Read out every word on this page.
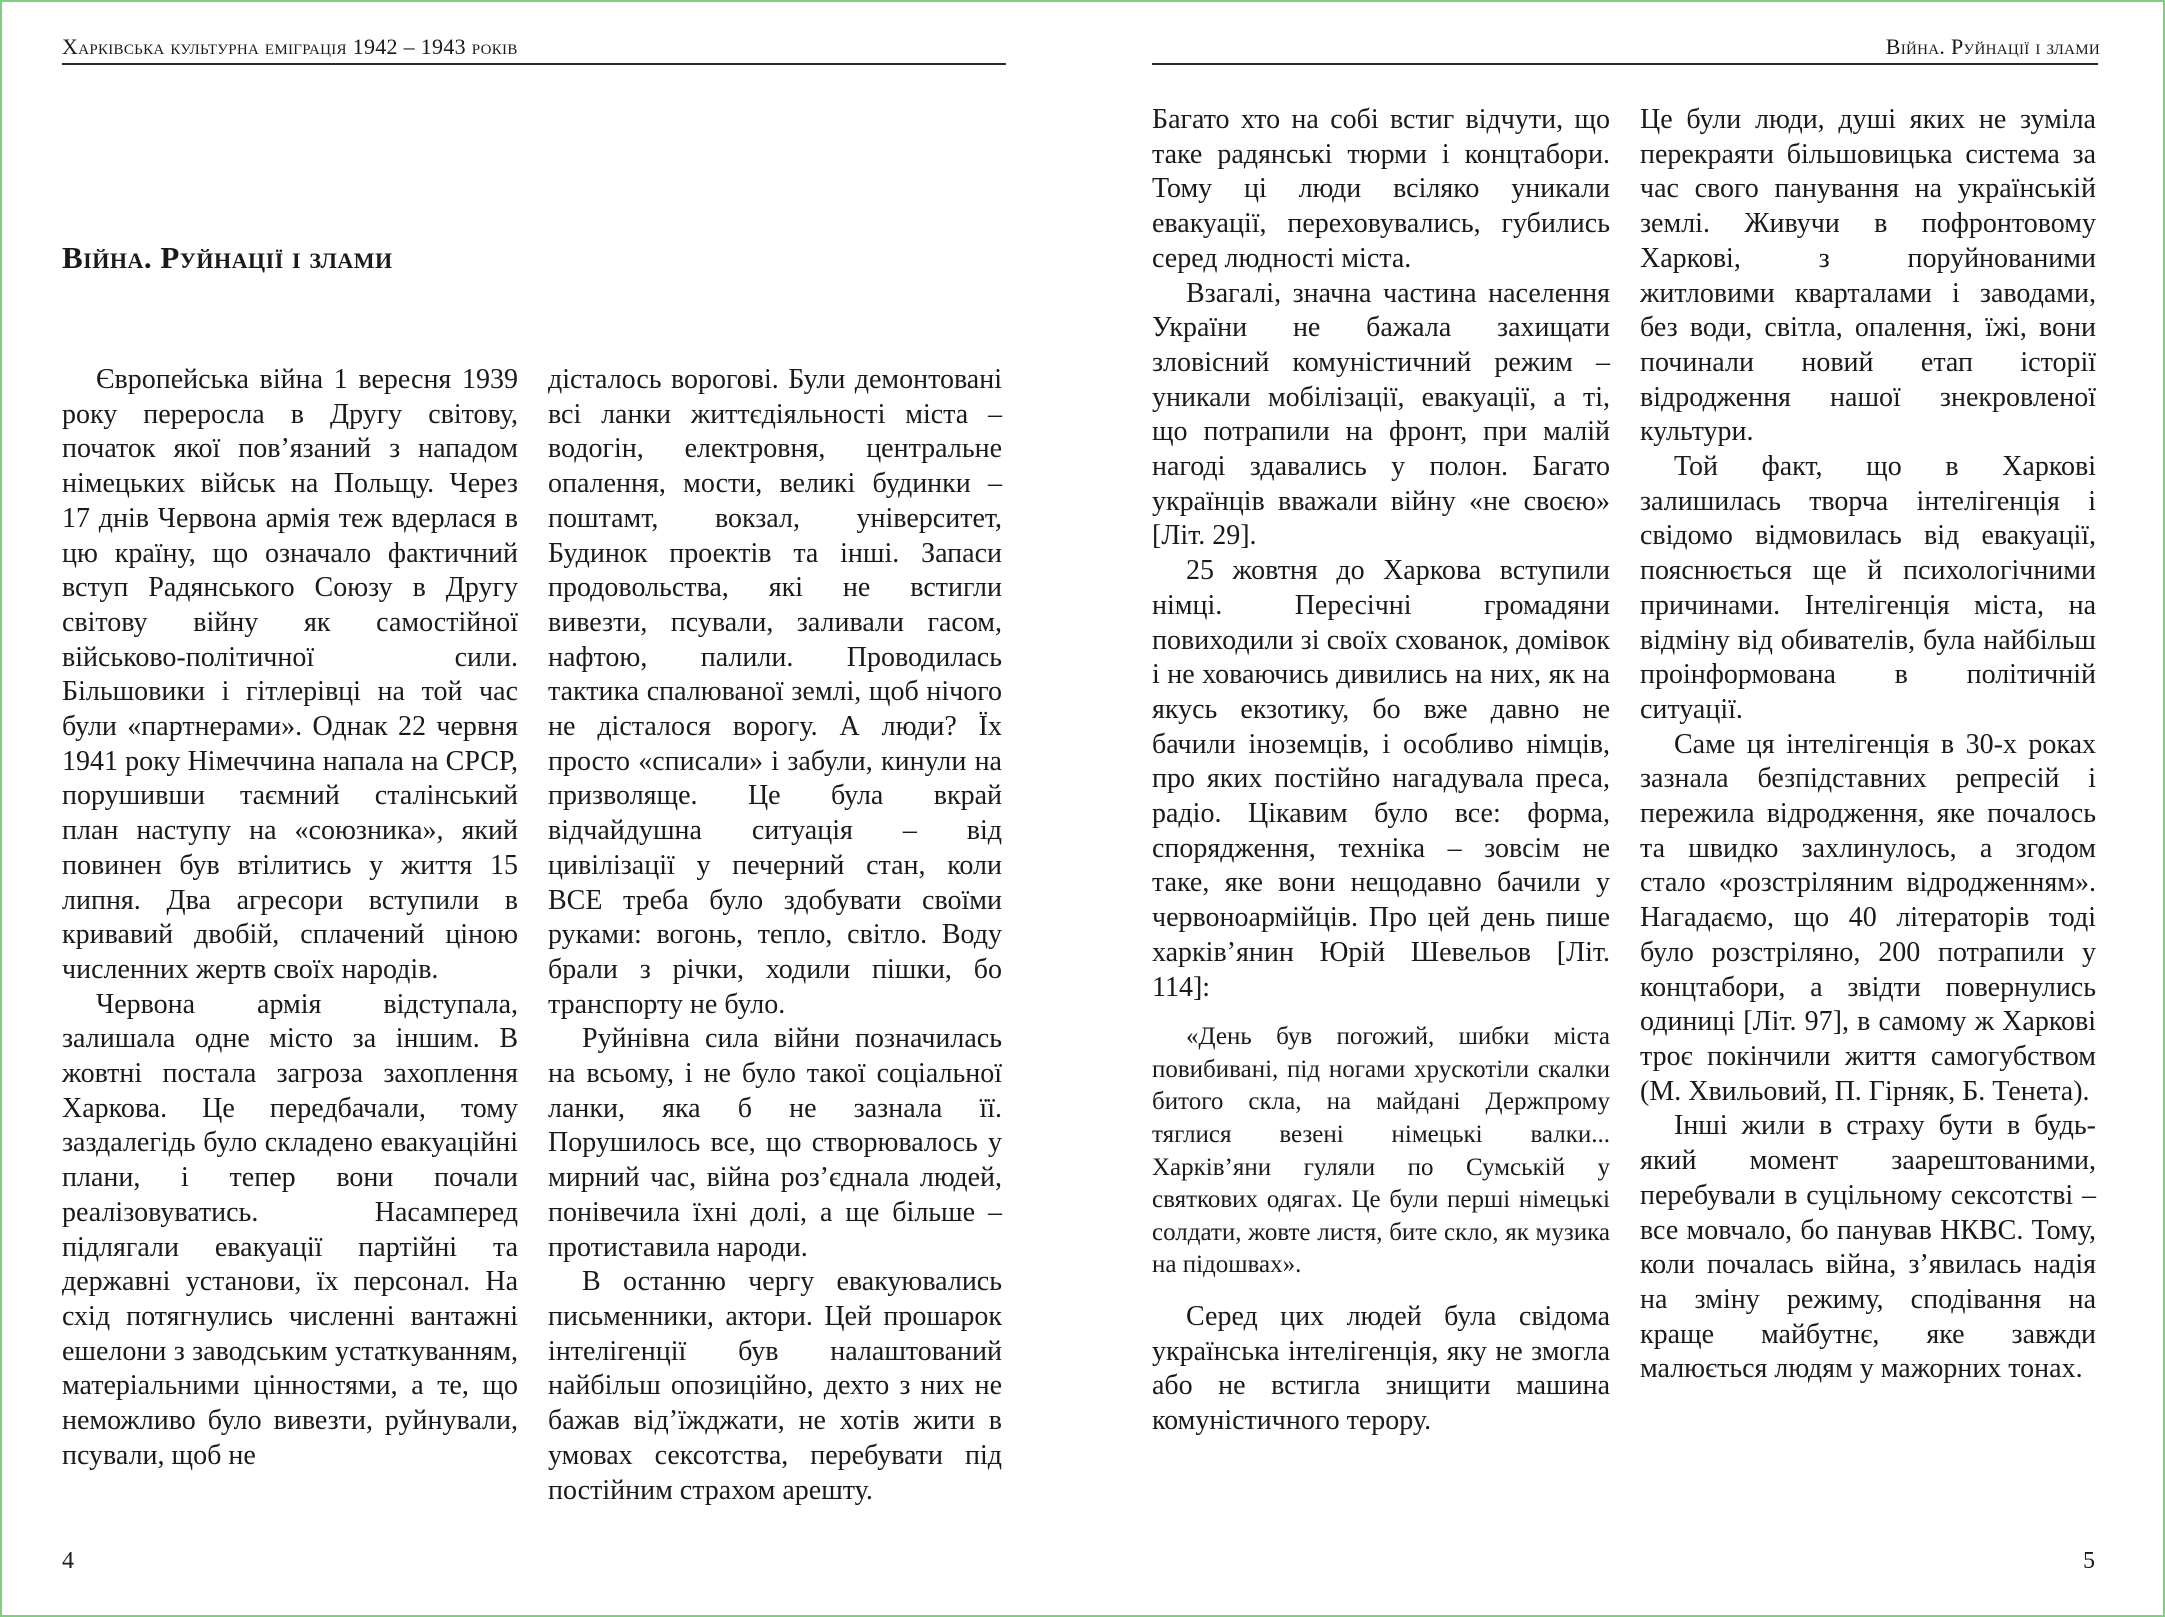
Харківська культурна еміграція 1942 – 1943 років	Війна. Руйнації і злами
Війна. Руйнації і злами

Європейська війна 1 вересня 1939 року переросла в Другу світову, початок якої пов’язаний з нападом німецьких військ на Польщу. Через 17 днів Червона армія теж вдерлася в цю країну, що означало фактичний вступ Радянського Союзу в Другу світову війну як самостійної військово-політичної сили. Більшовики і гітлерівці на той час були «партнерами». Однак 22 червня 1941 року Німеччина напала на СРСР, порушивши таємний сталінський план наступу на «союзника», який повинен був втілитись у життя 15 липня. Два агресори вступили в кривавий двобій, сплачений ціною численних жертв своїх народів.

Червона армія відступала, залишала одне місто за іншим. В жовтні постала загроза захоплення Харкова. Це передбачали, тому заздалегідь було складено евакуаційні плани, і тепер вони почали реалізовуватись. Насамперед підлягали евакуації партійні та державні установи, їх персонал. На схід потягнулись численні вантажні ешелони з заводським устаткуванням, матеріальними цінностями, а те, що неможливо було вивезти, руйнували, псували, щоб не

дісталось ворогові. Були демонтовані всі ланки життєдіяльності міста – водогін, електровня, центральне опалення, мости, великі будинки – поштамт, вокзал, університет, Будинок проектів та інші. Запаси продовольства, які не встигли вивезти, псували, заливали гасом, нафтою, палили. Проводилась тактика спалюваної землі, щоб нічого не дісталося ворогу. А люди? Їх просто «списали» і забули, кинули на призволяще. Це була вкрай відчайдушна ситуація – від цивілізації у печерний стан, коли ВСЕ треба було здобувати своїми руками: вогонь, тепло, світло. Воду брали з річки, ходили пішки, бо транспорту не було.

Руйнівна сила війни позначилась на всьому, і не було такої соціальної ланки, яка б не зазнала її. Порушилось все, що створювалось у мирний час, війна роз’єднала людей, понівечила їхні долі, а ще більше – протиставила народи.

В останню чергу евакуювались письменники, актори. Цей прошарок інтелігенції був налаштований найбільш опозиційно, дехто з них не бажав від’їжджати, не хотів жити в умовах сексотства, перебувати під постійним страхом арешту.

Багато хто на собі встиг відчути, що таке радянські тюрми і концтабори. Тому ці люди всіляко уникали евакуації, переховувались, губились серед людності міста.

Взагалі, значна частина населення України не бажала захищати зловісний комуністичний режим – уникали мобілізації, евакуації, а ті, що потрапили на фронт, при малій нагоді здавались у полон. Багато українців вважали війну «не своєю» [Літ. 29].

25 жовтня до Харкова вступили німці. Пересічні громадяни повиходили зі своїх схованок, домівок і не ховаючись дивились на них, як на якусь екзотику, бо вже давно не бачили іноземців, і особливо німців, про яких постійно нагадувала преса, радіо. Цікавим було все: форма, спорядження, техніка – зовсім не таке, яке вони нещодавно бачили у червоноармійців. Про цей день пише харків’янин Юрій Шевельов [Літ. 114]:

«День був погожий, шибки міста повибивані, під ногами хрускотіли скалки битого скла, на майдані Держпрому тяглися везені німецькі валки... Харків’яни гуляли по Сумській у святкових одягах. Це були перші німецькі солдати, жовте листя, бите скло, як музика на підошвах».

Серед цих людей була свідома українська інтелігенція, яку не змогла або не встигла знищити машина комуністичного терору.

Це були люди, душі яких не зуміла перекраяти більшовицька система за час свого панування на українській землі. Живучи в пофронтовому Харкові, з поруйнованими житловими кварталами і заводами, без води, світла, опалення, їжі, вони починали новий етап історії відродження нашої знекровленої культури.

Той факт, що в Харкові залишилась творча інтелігенція і свідомо відмовилась від евакуації, пояснюється ще й психологічними причинами. Інтелігенція міста, на відміну від обивателів, була найбільш проінформована в політичній ситуації.

Саме ця інтелігенція в 30-х роках зазнала безпідставних репресій і пережила відродження, яке почалось та швидко захлинулось, а згодом стало «розстріляним відродженням». Нагадаємо, що 40 літераторів тоді було розстріляно, 200 потрапили у концтабори, а звідти повернулись одиниці [Літ. 97], в самому ж Харкові троє покінчили життя самогубством (М. Хвильовий, П. Гірняк, Б. Тенета).

Інші жили в страху бути в будь-який момент заарештованими, перебували в суцільному сексотстві – все мовчало, бо панував НКВС. Тому, коли почалась війна, з’явилась надія на зміну режиму, сподівання на краще майбутнє, яке завжди малюється людям у мажорних тонах.

4	5
